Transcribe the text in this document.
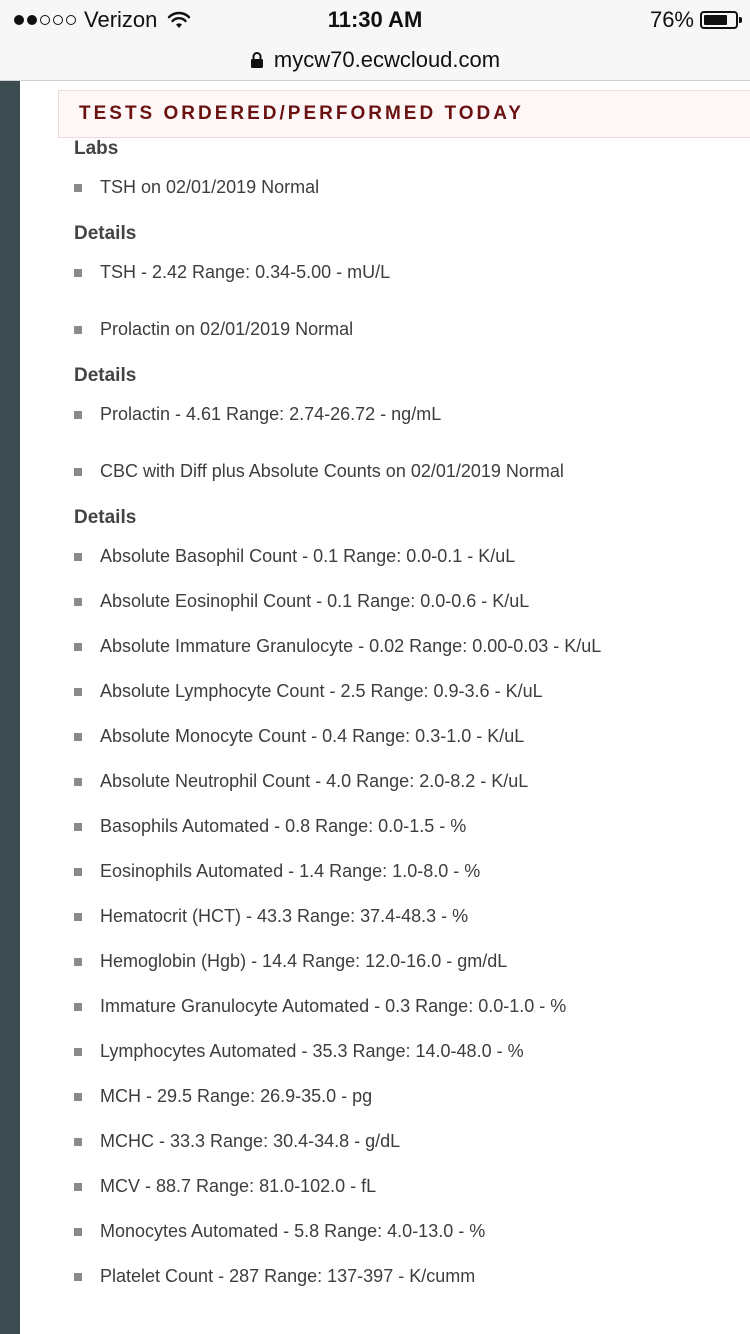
Verizon	11:30 AM	76%
mycw70.ecwcloud.com
TESTS ORDERED/PERFORMED TODAY
Labs
TSH on 02/01/2019 Normal
Details
TSH - 2.42 Range: 0.34-5.00 - mU/L
Prolactin on 02/01/2019 Normal
Details
Prolactin - 4.61 Range: 2.74-26.72 - ng/mL
CBC with Diff plus Absolute Counts on 02/01/2019 Normal
Details
Absolute Basophil Count - 0.1 Range: 0.0-0.1 - K/uL
Absolute Eosinophil Count - 0.1 Range: 0.0-0.6 - K/uL
Absolute Immature Granulocyte - 0.02 Range: 0.00-0.03 - K/uL
Absolute Lymphocyte Count - 2.5 Range: 0.9-3.6 - K/uL
Absolute Monocyte Count - 0.4 Range: 0.3-1.0 - K/uL
Absolute Neutrophil Count - 4.0 Range: 2.0-8.2 - K/uL
Basophils Automated - 0.8 Range: 0.0-1.5 - %
Eosinophils Automated - 1.4 Range: 1.0-8.0 - %
Hematocrit (HCT) - 43.3 Range: 37.4-48.3 - %
Hemoglobin (Hgb) - 14.4 Range: 12.0-16.0 - gm/dL
Immature Granulocyte Automated - 0.3 Range: 0.0-1.0 - %
Lymphocytes Automated - 35.3 Range: 14.0-48.0 - %
MCH - 29.5 Range: 26.9-35.0 - pg
MCHC - 33.3 Range: 30.4-34.8 - g/dL
MCV - 88.7 Range: 81.0-102.0 - fL
Monocytes Automated - 5.8 Range: 4.0-13.0 - %
Platelet Count - 287 Range: 137-397 - K/cumm
